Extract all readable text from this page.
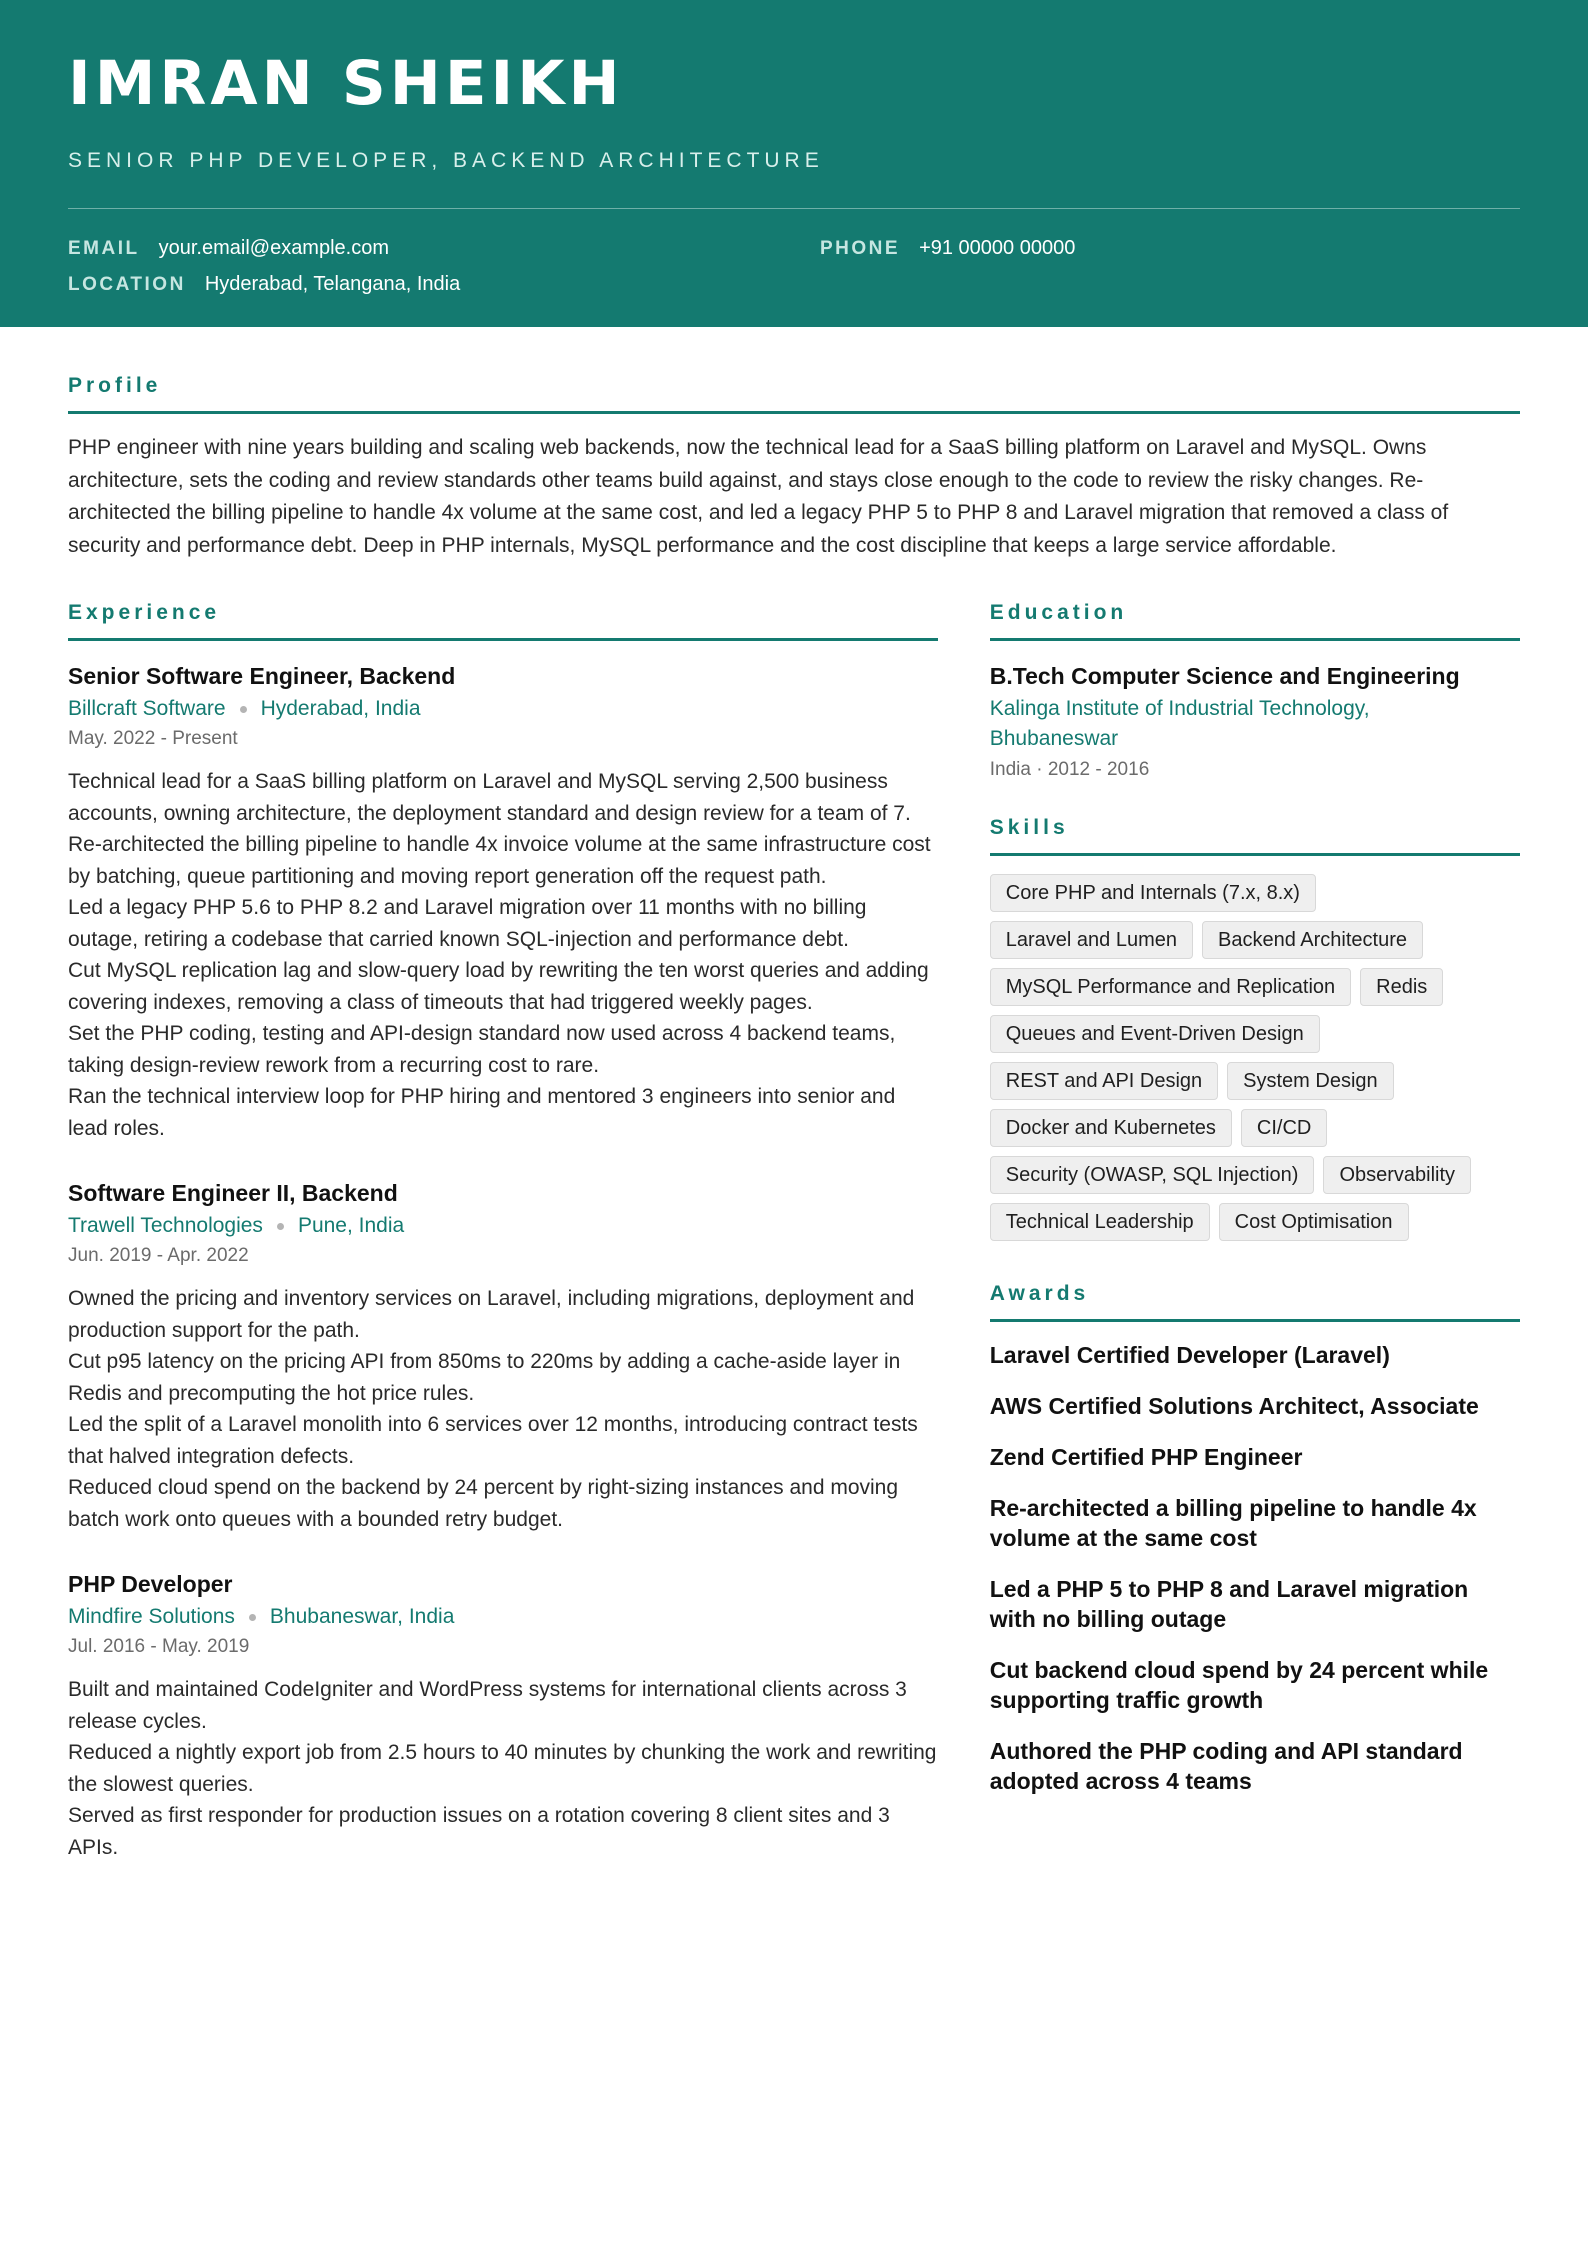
IMRAN SHEIKH
SENIOR PHP DEVELOPER, BACKEND ARCHITECTURE
EMAIL your.email@example.com	PHONE +91 00000 00000
LOCATION Hyderabad, Telangana, India
Profile

PHP engineer with nine years building and scaling web backends, now the technical lead for a SaaS billing platform on Laravel and MySQL. Owns architecture, sets the coding and review standards other teams build against, and stays close enough to the code to review the risky changes. Re-architected the billing pipeline to handle 4x volume at the same cost, and led a legacy PHP 5 to PHP 8 and Laravel migration that removed a class of security and performance debt. Deep in PHP internals, MySQL performance and the cost discipline that keeps a large service affordable.

Experience
Senior Software Engineer, Backend
Billcraft Software Hyderabad, India
May. 2022 - Present
Technical lead for a SaaS billing platform on Laravel and MySQL serving 2,500 business accounts, owning architecture, the deployment standard and design review for a team of 7.
Re-architected the billing pipeline to handle 4x invoice volume at the same infrastructure cost by batching, queue partitioning and moving report generation off the request path.
Led a legacy PHP 5.6 to PHP 8.2 and Laravel migration over 11 months with no billing outage, retiring a codebase that carried known SQL-injection and performance debt.
Cut MySQL replication lag and slow-query load by rewriting the ten worst queries and adding covering indexes, removing a class of timeouts that had triggered weekly pages.
Set the PHP coding, testing and API-design standard now used across 4 backend teams, taking design-review rework from a recurring cost to rare.
Ran the technical interview loop for PHP hiring and mentored 3 engineers into senior and lead roles.
Software Engineer II, Backend
Trawell Technologies Pune, India
Jun. 2019 - Apr. 2022
Owned the pricing and inventory services on Laravel, including migrations, deployment and production support for the path.
Cut p95 latency on the pricing API from 850ms to 220ms by adding a cache-aside layer in Redis and precomputing the hot price rules.
Led the split of a Laravel monolith into 6 services over 12 months, introducing contract tests that halved integration defects.
Reduced cloud spend on the backend by 24 percent by right-sizing instances and moving batch work onto queues with a bounded retry budget.
PHP Developer
Mindfire Solutions Bhubaneswar, India
Jul. 2016 - May. 2019
Built and maintained CodeIgniter and WordPress systems for international clients across 3 release cycles.
Reduced a nightly export job from 2.5 hours to 40 minutes by chunking the work and rewriting the slowest queries.
Served as first responder for production issues on a rotation covering 8 client sites and 3 APIs.
Education
B.Tech Computer Science and Engineering
Kalinga Institute of Industrial Technology, Bhubaneswar
India · 2012 - 2016
Skills
Core PHP and Internals (7.x, 8.x)
Laravel and Lumen	Backend Architecture
MySQL Performance and Replication	Redis
Queues and Event-Driven Design
REST and API Design	System Design
Docker and Kubernetes	CI/CD
Security (OWASP, SQL Injection)	Observability
Technical Leadership	Cost Optimisation
Awards
Laravel Certified Developer (Laravel)
AWS Certified Solutions Architect, Associate
Zend Certified PHP Engineer
Re-architected a billing pipeline to handle 4x volume at the same cost
Led a PHP 5 to PHP 8 and Laravel migration with no billing outage
Cut backend cloud spend by 24 percent while supporting traffic growth
Authored the PHP coding and API standard adopted across 4 teams
